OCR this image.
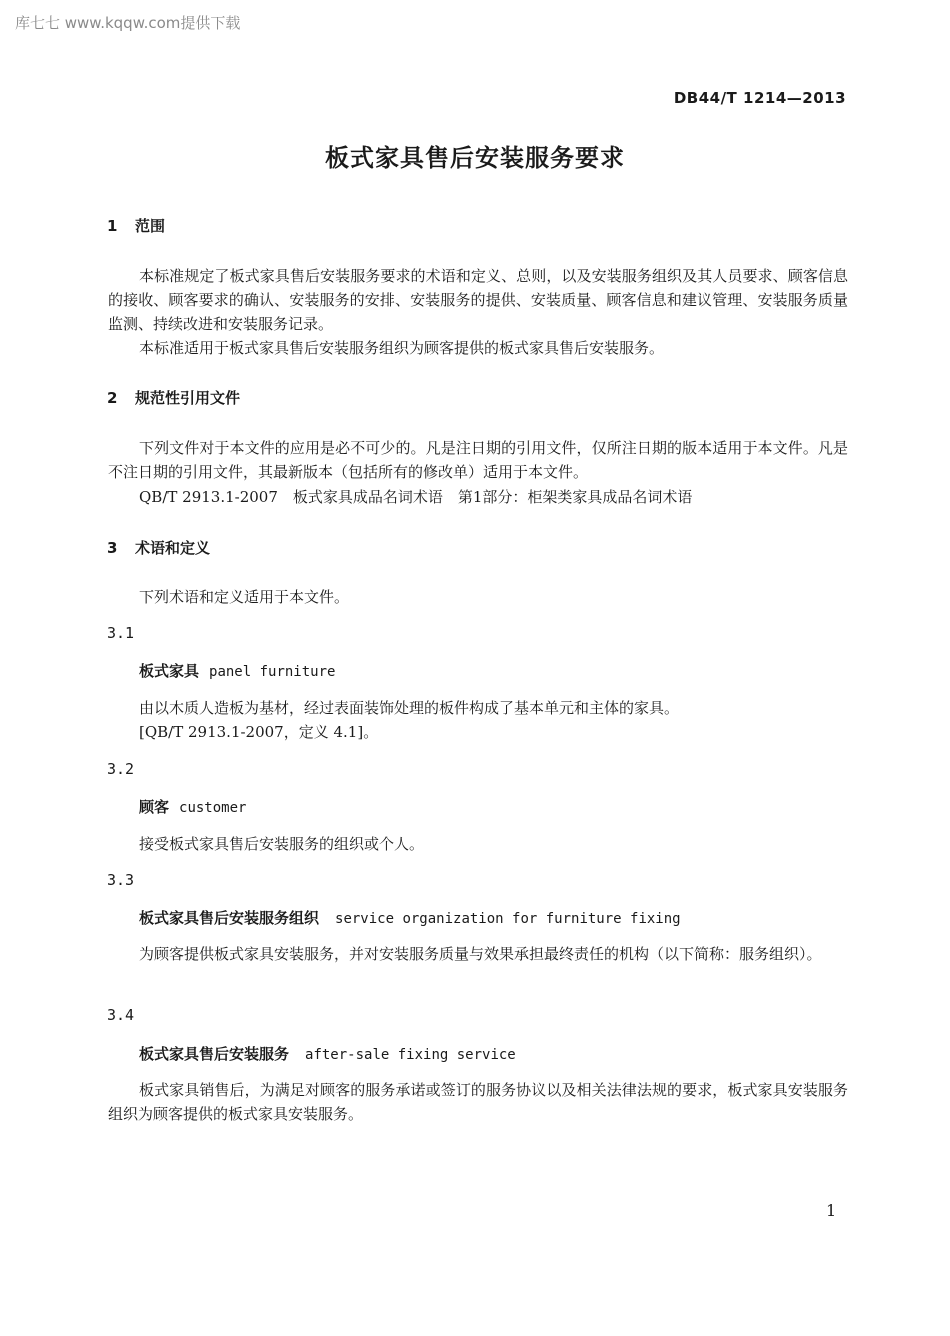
库七七 www.kqqw.com提供下载
DB44/T 1214—2013
板式家具售后安装服务要求
1 范围
本标准规定了板式家具售后安装服务要求的术语和定义、总则，以及安装服务组织及其人员要求、顾客信息的接收、顾客要求的确认、安装服务的安排、安装服务的提供、安装质量、顾客信息和建议管理、安装服务质量监测、持续改进和安装服务记录。
本标准适用于板式家具售后安装服务组织为顾客提供的板式家具售后安装服务。
2 规范性引用文件
下列文件对于本文件的应用是必不可少的。凡是注日期的引用文件，仅所注日期的版本适用于本文件。凡是不注日期的引用文件，其最新版本（包括所有的修改单）适用于本文件。
QB/T 2913.1-2007　板式家具成品名词术语　第1部分：柜架类家具成品名词术语
3 术语和定义
下列术语和定义适用于本文件。
3.1
板式家具 panel furniture
由以木质人造板为基材，经过表面装饰处理的板件构成了基本单元和主体的家具。
[QB/T 2913.1-2007，定义 4.1]。
3.2
顾客 customer
接受板式家具售后安装服务的组织或个人。
3.3
板式家具售后安装服务组织 service organization for furniture fixing
为顾客提供板式家具安装服务，并对安装服务质量与效果承担最终责任的机构（以下简称：服务组织）。
3.4
板式家具售后安装服务 after-sale fixing service
板式家具销售后，为满足对顾客的服务承诺或签订的服务协议以及相关法律法规的要求，板式家具安装服务组织为顾客提供的板式家具安装服务。
1
